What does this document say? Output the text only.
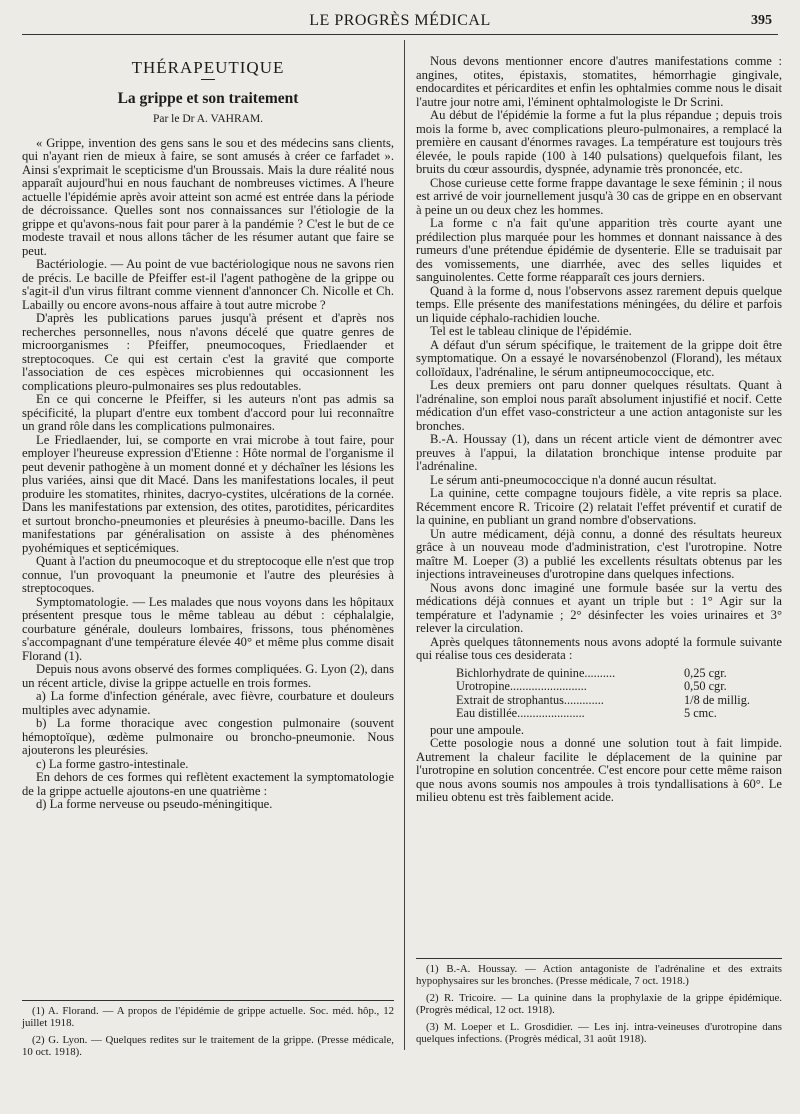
LE PROGRÈS MÉDICAL	395
THÉRAPEUTIQUE
La grippe et son traitement
Par le Dr A. VAHRAM.

« Grippe, invention des gens sans le sou et des médecins sans clients, qui n'ayant rien de mieux à faire, se sont amusés à créer ce farfadet ». Ainsi s'exprimait le scepticisme d'un Broussais. Mais la dure réalité nous apparaît aujourd'hui en nous fauchant de nombreuses victimes. A l'heure actuelle l'épidémie après avoir atteint son acmé est entrée dans la période de décroissance. Quelles sont nos connaissances sur l'étiologie de la grippe et qu'avons-nous fait pour parer à la pandémie ? C'est le but de ce modeste travail et nous allons tâcher de les résumer autant que faire se peut.

Bactériologie. — Au point de vue bactériologique nous ne savons rien de précis. Le bacille de Pfeiffer est-il l'agent pathogène de la grippe ou s'agit-il d'un virus filtrant comme viennent d'annoncer Ch. Nicolle et Ch. Labailly ou encore avons-nous affaire à tout autre microbe ?

D'après les publications parues jusqu'à présent et d'après nos recherches personnelles, nous n'avons décelé que quatre genres de microorganismes : Pfeiffer, pneumocoques, Friedlaender et streptocoques. Ce qui est certain c'est la gravité que comporte l'association de ces espèces microbiennes qui occasionnent les complications pleuro-pulmonaires ses plus redoutables.

En ce qui concerne le Pfeiffer, si les auteurs n'ont pas admis sa spécificité, la plupart d'entre eux tombent d'accord pour lui reconnaître un grand rôle dans les complications pulmonaires.

Le Friedlaender, lui, se comporte en vrai microbe à tout faire, pour employer l'heureuse expression d'Etienne : Hôte normal de l'organisme il peut devenir pathogène à un moment donné et y déchaîner les lésions les plus variées, ainsi que dit Macé. Dans les manifestations locales, il peut produire les stomatites, rhinites, dacryo-cystites, ulcérations de la cornée. Dans les manifestations par extension, des otites, parotidites, péricardites et surtout broncho-pneumonies et pleurésies à pneumo-bacille. Dans les manifestations par généralisation on assiste à des phénomènes pyohémiques et septicémiques.

Quant à l'action du pneumocoque et du streptocoque elle n'est que trop connue, l'un provoquant la pneumonie et l'autre des pleurésies à streptocoques.

Symptomatologie. — Les malades que nous voyons dans les hôpitaux présentent presque tous le même tableau au début : céphalalgie, courbature générale, douleurs lombaires, frissons, tous phénomènes s'accompagnant d'une température élevée 40° et même plus comme disait Florand (1).

Depuis nous avons observé des formes compliquées. G. Lyon (2), dans un récent article, divise la grippe actuelle en trois formes.

a) La forme d'infection générale, avec fièvre, courbature et douleurs multiples avec adynamie.

b) La forme thoracique avec congestion pulmonaire (souvent hémoptoïque), œdème pulmonaire ou broncho-pneumonie. Nous ajouterons les pleurésies.

c) La forme gastro-intestinale.

En dehors de ces formes qui reflètent exactement la symptomatologie de la grippe actuelle ajoutons-en une quatrième :

d) La forme nerveuse ou pseudo-méningitique.

Nous devons mentionner encore d'autres manifestations comme : angines, otites, épistaxis, stomatites, hémorrhagie gingivale, endocardites et péricardites et enfin les ophtalmies comme nous le disait l'autre jour notre ami, l'éminent ophtalmologiste le Dr Scrini.

Au début de l'épidémie la forme a fut la plus répandue ; depuis trois mois la forme b, avec complications pleuro-pulmonaires, a remplacé la première en causant d'énormes ravages. La température est toujours très élevée, le pouls rapide (100 à 140 pulsations) quelquefois filant, les bruits du cœur assourdis, dyspnée, adynamie très prononcée, etc.

Chose curieuse cette forme frappe davantage le sexe féminin ; il nous est arrivé de voir journellement jusqu'à 30 cas de grippe en en observant à peine un ou deux chez les hommes.

La forme c n'a fait qu'une apparition très courte ayant une prédilection plus marquée pour les hommes et donnant naissance à des rumeurs d'une prétendue épidémie de dysenterie. Elle se traduisait par des vomissements, une diarrhée, avec des selles liquides et sanguinolentes. Cette forme réapparaît ces jours derniers.

Quand à la forme d, nous l'observons assez rarement depuis quelque temps. Elle présente des manifestations méningées, du délire et parfois un liquide céphalo-rachidien louche.

Tel est le tableau clinique de l'épidémie.

A défaut d'un sérum spécifique, le traitement de la grippe doit être symptomatique. On a essayé le novarsénobenzol (Florand), les métaux colloïdaux, l'adrénaline, le sérum antipneumococcique, etc.

Les deux premiers ont paru donner quelques résultats. Quant à l'adrénaline, son emploi nous paraît absolument injustifié et nocif. Cette médication d'un effet vaso-constricteur a une action antagoniste sur les bronches.

B.-A. Houssay (1), dans un récent article vient de démontrer avec preuves à l'appui, la dilatation bronchique intense produite par l'adrénaline.

Le sérum anti-pneumococcique n'a donné aucun résultat.

La quinine, cette compagne toujours fidèle, a vite repris sa place. Récemment encore R. Tricoire (2) relatait l'effet préventif et curatif de la quinine, en publiant un grand nombre d'observations.

Un autre médicament, déjà connu, a donné des résultats heureux grâce à un nouveau mode d'administration, c'est l'urotropine. Notre maître M. Loeper (3) a publié les excellents résultats obtenus par les injections intraveineuses d'urotropine dans quelques infections.

Nous avons donc imaginé une formule basée sur la vertu des médications déjà connues et ayant un triple but : 1° Agir sur la température et l'adynamie ; 2° désinfecter les voies urinaires et 3° relever la circulation.

Après quelques tâtonnements nous avons adopté la formule suivante qui réalise tous ces desiderata :

Bichlorhydrate de quinine..........	0,25 cgr.
Urotropine.........................	0,50 cgr.
Extrait de strophantus.............	1/8 de millig.
Eau distillée......................	5 cmc.

pour une ampoule.

Cette posologie nous a donné une solution tout à fait limpide. Autrement la chaleur facilite le déplacement de la quinine par l'urotropine en solution concentrée. C'est encore pour cette même raison que nous avons soumis nos ampoules à trois tyndallisations à 60°. Le milieu obtenu est très faiblement acide.

(1) A. Florand. — A propos de l'épidémie de grippe actuelle. Soc. méd. hôp., 12 juillet 1918.

(2) G. Lyon. — Quelques redites sur le traitement de la grippe. (Presse médicale, 10 oct. 1918).

(1) B.-A. Houssay. — Action antagoniste de l'adrénaline et des extraits hypophysaires sur les bronches. (Presse médicale, 7 oct. 1918.)

(2) R. Tricoire. — La quinine dans la prophylaxie de la grippe épidémique. (Progrès médical, 12 oct. 1918).

(3) M. Loeper et L. Grosdidier. — Les inj. intra-veineuses d'urotropine dans quelques infections. (Progrès médical, 31 août 1918).
